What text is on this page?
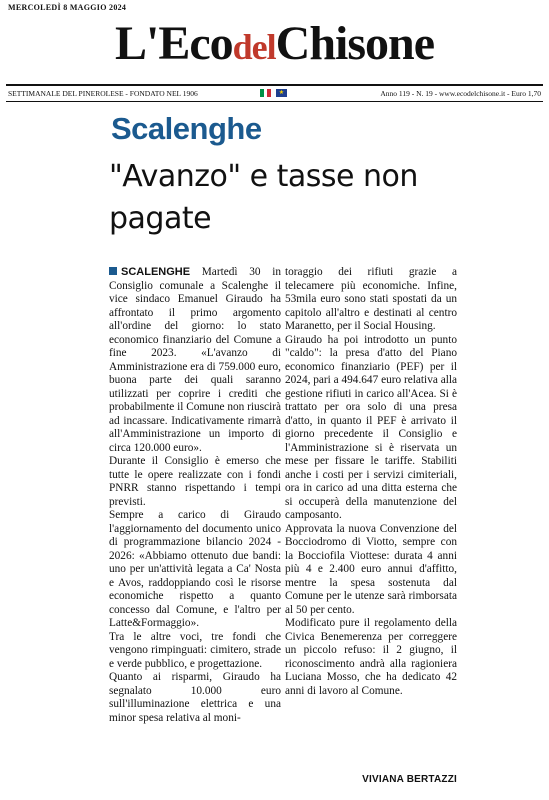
MERCOLEDÌ 8 MAGGIO 2024
L'EcodelChisone
SETTIMANALE DEL PINEROLESE - FONDATO NEL 1906	★	Anno 119 - N. 19 - www.ecodelchisone.it - Euro 1,70
Scalenghe
"Avanzo" e tasse non pagate

SCALENGHE Martedì 30 in Consiglio comunale a Scalenghe il vice sindaco Emanuel Giraudo ha affrontato il primo argomento all'ordine del giorno: lo stato economico finanziario del Comune a fine 2023. «L'avanzo di Amministrazione era di 759.000 euro, buona parte dei quali saranno utilizzati per coprire i crediti che probabilmente il Comune non riuscirà ad incassare. Indicativamente rimarrà all'Amministrazione un importo di circa 120.000 euro».

Durante il Consiglio è emerso che tutte le opere realizzate con i fondi PNRR stanno rispettando i tempi previsti.

Sempre a carico di Giraudo l'aggiornamento del documento unico di programmazione bilancio 2024 - 2026: «Abbiamo ottenuto due bandi: uno per un'attività legata a Ca' Nosta e Avos, raddoppiando così le risorse economiche rispetto a quanto concesso dal Comune, e l'altro per Latte&Formaggio».

Tra le altre voci, tre fondi che vengono rimpinguati: cimitero, strade e verde pubblico, e progettazione.

Quanto ai risparmi, Giraudo ha segnalato 10.000 euro sull'illuminazione elettrica e una minor spesa relativa al moni-

toraggio dei rifiuti grazie a telecamere più economiche. Infine, 53mila euro sono stati spostati da un capitolo all'altro e destinati al centro Maranetto, per il Social Housing.

Giraudo ha poi introdotto un punto "caldo": la presa d'atto del Piano economico finanziario (PEF) per il 2024, pari a 494.647 euro relativa alla gestione rifiuti in carico all'Acea. Si è trattato per ora solo di una presa d'atto, in quanto il PEF è arrivato il giorno precedente il Consiglio e l'Amministrazione si è riservata un mese per fissare le tariffe. Stabiliti anche i costi per i servizi cimiteriali, ora in carico ad una ditta esterna che si occuperà della manutenzione del camposanto.

Approvata la nuova Convenzione del Bocciodromo di Viotto, sempre con la Bocciofila Viottese: durata 4 anni più 4 e 2.400 euro annui d'affitto, mentre la spesa sostenuta dal Comune per le utenze sarà rimborsata al 50 per cento.

Modificato pure il regolamento della Civica Benemerenza per correggere un piccolo refuso: il 2 giugno, il riconoscimento andrà alla ragioniera Luciana Mosso, che ha dedicato 42 anni di lavoro al Comune.

VIVIANA BERTAZZI
